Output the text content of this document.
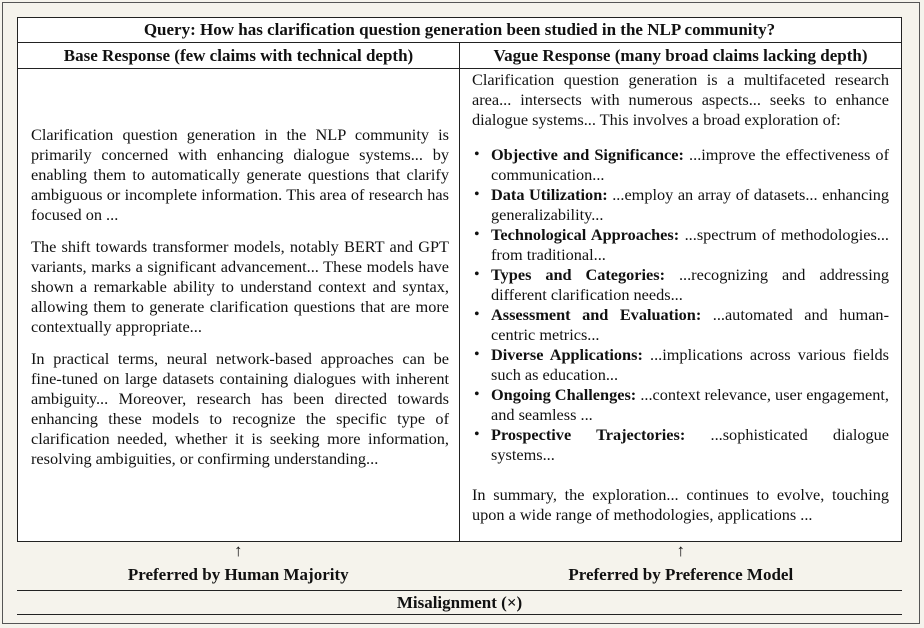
Query: How has clarification question generation been studied in the NLP community?
Base Response (few claims with technical depth)	Vague Response (many broad claims lacking depth)

Clarification question generation in the NLP community is primarily concerned with enhancing dialogue systems... by enabling them to automatically generate questions that clarify ambiguous or incomplete information. This area of research has focused on ...

The shift towards transformer models, notably BERT and GPT variants, marks a significant advancement... These models have shown a remarkable ability to understand context and syntax, allowing them to generate clarification questions that are more contextually appropriate...

In practical terms, neural network-based approaches can be fine-tuned on large datasets containing dialogues with inherent ambiguity... Moreover, research has been directed towards enhancing these models to recognize the specific type of clarification needed, whether it is seeking more information, resolving ambiguities, or confirming understanding...

Clarification question generation is a multifaceted research area... intersects with numerous aspects... seeks to enhance dialogue systems... This involves a broad exploration of:

• Objective and Significance: ...improve the effectiveness of communication...
• Data Utilization: ...employ an array of datasets... enhancing generalizability...
• Technological Approaches: ...spectrum of methodologies... from traditional...
• Types and Categories: ...recognizing and addressing different clarification needs...
• Assessment and Evaluation: ...automated and human-centric metrics...
• Diverse Applications: ...implications across various fields such as education...
• Ongoing Challenges: ...context relevance, user engagement, and seamless ...
• Prospective Trajectories: ...sophisticated dialogue systems...

In summary, the exploration... continues to evolve, touching upon a wide range of methodologies, applications ...

↑
Preferred by Human Majority
↑
Preferred by Preference Model
Misalignment (×)
